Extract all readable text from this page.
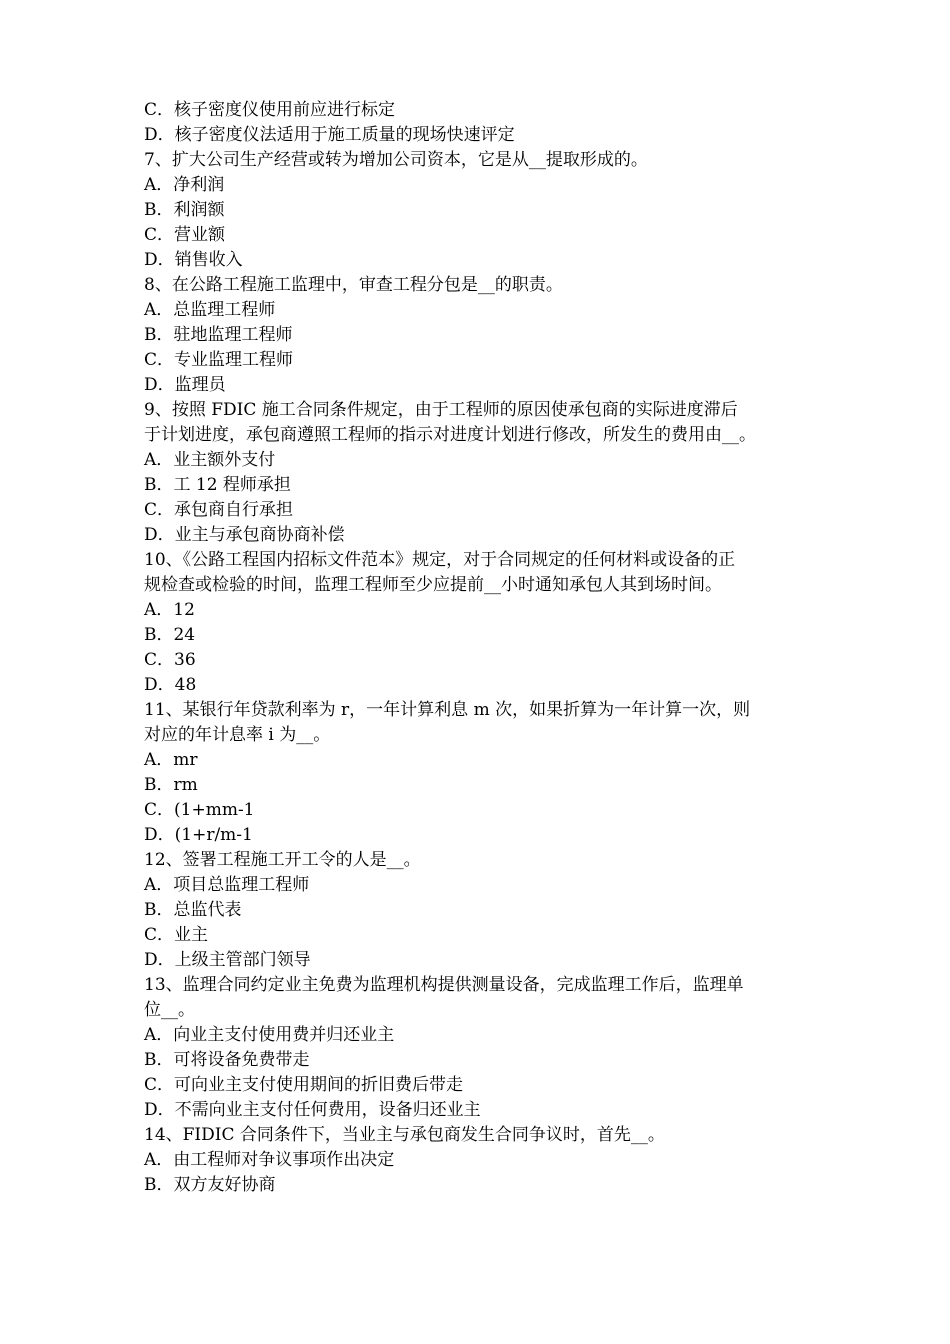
C．核子密度仪使用前应进行标定
D．核子密度仪法适用于施工质量的现场快速评定
7、扩大公司生产经营或转为增加公司资本，它是从__提取形成的。
A．净利润
B．利润额
C．营业额
D．销售收入
8、在公路工程施工监理中，审查工程分包是__的职责。
A．总监理工程师
B．驻地监理工程师
C．专业监理工程师
D．监理员
9、按照 FDIC 施工合同条件规定，由于工程师的原因使承包商的实际进度滞后
于计划进度，承包商遵照工程师的指示对进度计划进行修改，所发生的费用由__。
A．业主额外支付
B．工 12 程师承担
C．承包商自行承担
D．业主与承包商协商补偿
10、《公路工程国内招标文件范本》规定，对于合同规定的任何材料或设备的正
规检查或检验的时间，监理工程师至少应提前__小时通知承包人其到场时间。
A．12
B．24
C．36
D．48
11、某银行年贷款利率为 r，一年计算利息 m 次，如果折算为一年计算一次，则
对应的年计息率 i 为__。
A．mr
B．rm
C．(1+mm-1
D．(1+r/m-1
12、签署工程施工开工令的人是__。
A．项目总监理工程师
B．总监代表
C．业主
D．上级主管部门领导
13、监理合同约定业主免费为监理机构提供测量设备，完成监理工作后，监理单
位__。
A．向业主支付使用费并归还业主
B．可将设备免费带走
C．可向业主支付使用期间的折旧费后带走
D．不需向业主支付任何费用，设备归还业主
14、FIDIC 合同条件下，当业主与承包商发生合同争议时，首先__。
A．由工程师对争议事项作出决定
B．双方友好协商
